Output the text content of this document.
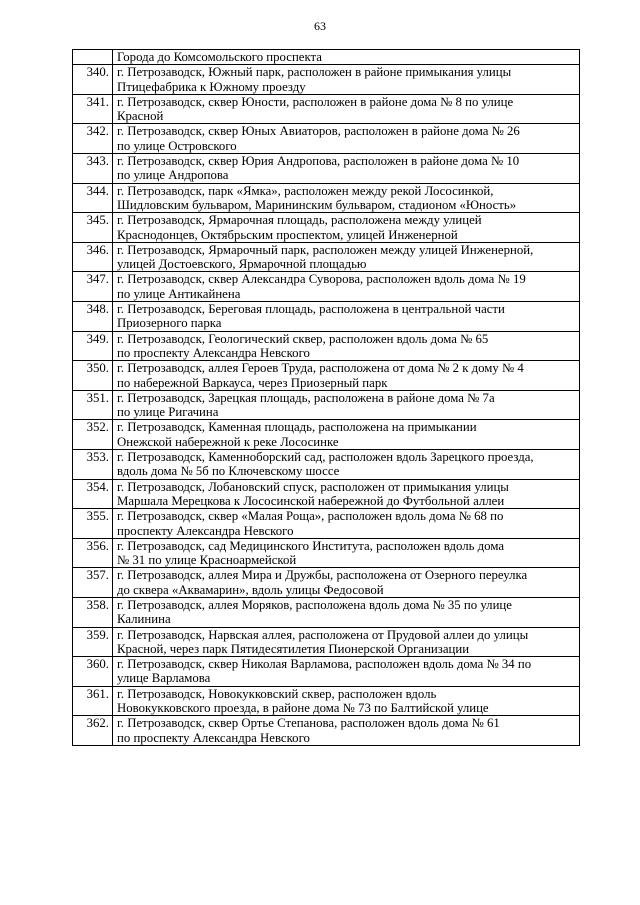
63

	Города до Комсомольского проспекта

340.	г. Петрозаводск, Южный парк, расположен в районе примыкания улицы
Птицефабрика к Южному проезду

341.	г. Петрозаводск, сквер Юности, расположен в районе дома № 8 по улице
Красной

342.	г. Петрозаводск, сквер Юных Авиаторов, расположен в районе дома № 26
по улице Островского

343.	г. Петрозаводск, сквер Юрия Андропова, расположен в районе дома № 10
по улице Андропова

344.	г. Петрозаводск, парк «Ямка», расположен между рекой Лососинкой,
Шидловским бульваром, Марининским бульваром, стадионом «Юность»

345.	г. Петрозаводск, Ярмарочная площадь, расположена между улицей
Краснодонцев, Октябрьским проспектом, улицей Инженерной

346.	г. Петрозаводск, Ярмарочный парк, расположен между улицей Инженерной,
улицей Достоевского, Ярмарочной площадью

347.	г. Петрозаводск, сквер Александра Суворова, расположен вдоль дома № 19
по улице Антикайнена

348.	г. Петрозаводск, Береговая площадь, расположена в центральной части
Приозерного парка

349.	г. Петрозаводск, Геологический сквер, расположен вдоль дома № 65
по проспекту Александра Невского

350.	г. Петрозаводск, аллея Героев Труда, расположена от дома № 2 к дому № 4
по набережной Варкауса, через Приозерный парк

351.	г. Петрозаводск, Зарецкая площадь, расположена в районе дома № 7а
по улице Ригачина

352.	г. Петрозаводск, Каменная площадь, расположена на примыкании
Онежской набережной к реке Лососинке

353.	г. Петрозаводск, Каменноборский сад, расположен вдоль Зарецкого проезда,
вдоль дома № 5б по Ключевскому шоссе

354.	г. Петрозаводск, Лобановский спуск, расположен от примыкания улицы
Маршала Мерецкова к Лососинской набережной до Футбольной аллеи

355.	г. Петрозаводск, сквер «Малая Роща», расположен вдоль дома № 68 по
проспекту Александра Невского

356.	г. Петрозаводск, сад Медицинского Института, расположен вдоль дома
№ 31 по улице Красноармейской

357.	г. Петрозаводск, аллея Мира и Дружбы, расположена от Озерного переулка
до сквера «Аквамарин», вдоль улицы Федосовой

358.	г. Петрозаводск, аллея Моряков, расположена вдоль дома № 35 по улице
Калинина

359.	г. Петрозаводск, Нарвская аллея, расположена от Прудовой аллеи до улицы
Красной, через парк Пятидесятилетия Пионерской Организации

360.	г. Петрозаводск, сквер Николая Варламова, расположен вдоль дома № 34 по
улице Варламова

361.	г. Петрозаводск, Новокукковский сквер, расположен вдоль
Новокукковского проезда, в районе дома № 73 по Балтийской улице

362.	г. Петрозаводск, сквер Ортье Степанова, расположен вдоль дома № 61
по проспекту Александра Невского
